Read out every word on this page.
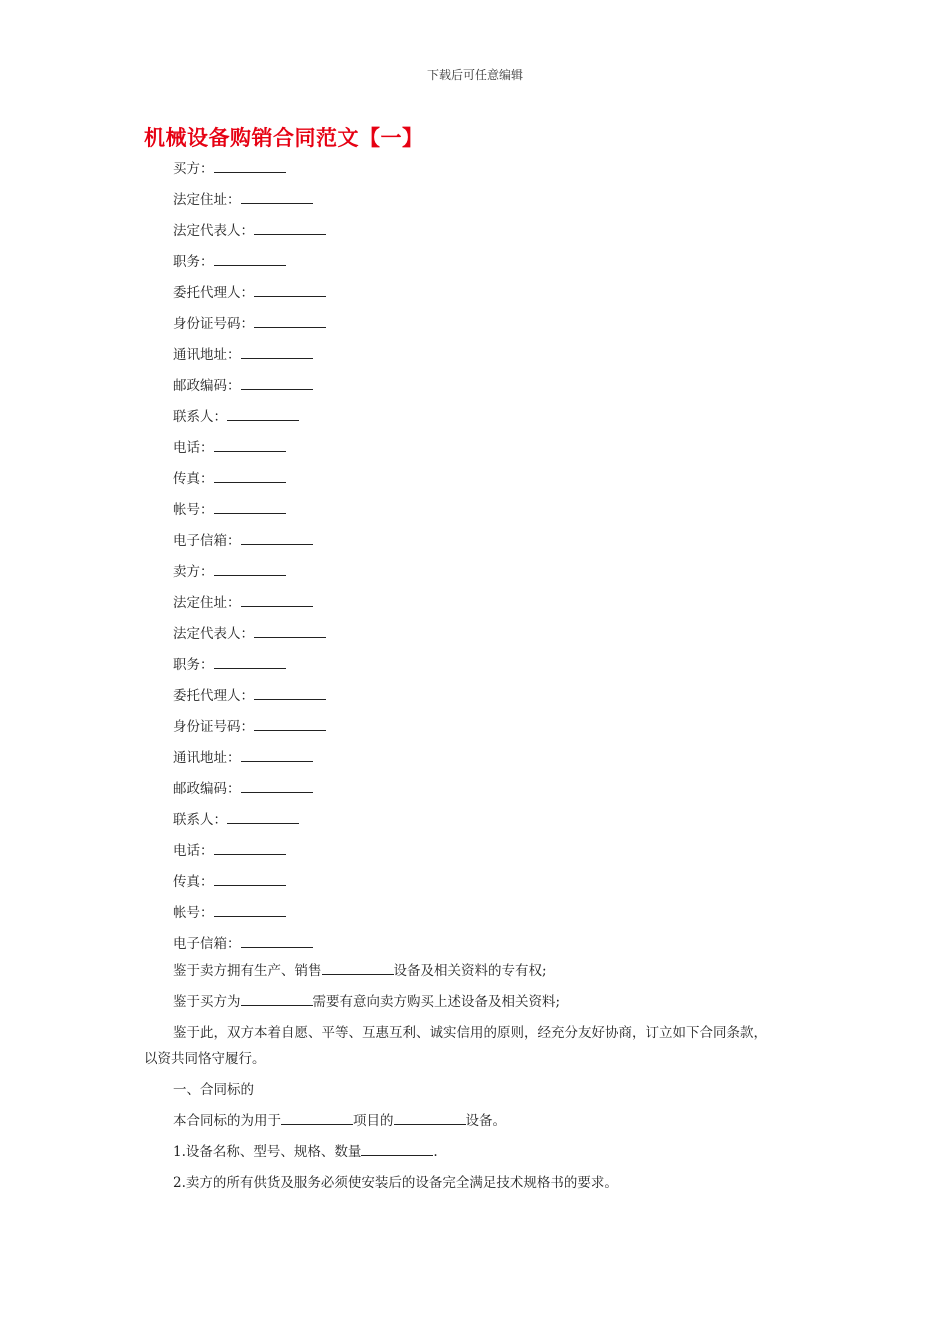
下载后可任意编辑
机械设备购销合同范文【一】
买方：
法定住址：
法定代表人：
职务：
委托代理人：
身份证号码：
通讯地址：
邮政编码：
联系人：
电话：
传真：
帐号：
电子信箱：
卖方：
法定住址：
法定代表人：
职务：
委托代理人：
身份证号码：
通讯地址：
邮政编码：
联系人：
电话：
传真：
帐号：
电子信箱：

鉴于卖方拥有生产、销售	设备及相关资料的专有权;

鉴于买方为	需要有意向卖方购买上述设备及相关资料;

鉴于此，双方本着自愿、平等、互惠互利、诚实信用的原则，经充分友好协商，订立如下合同条款，

以资共同恪守履行。

一、合同标的

本合同标的为用于	项目的	设备。

1.设备名称、型号、规格、数量	.

2.卖方的所有供货及服务必须使安装后的设备完全满足技术规格书的要求。
